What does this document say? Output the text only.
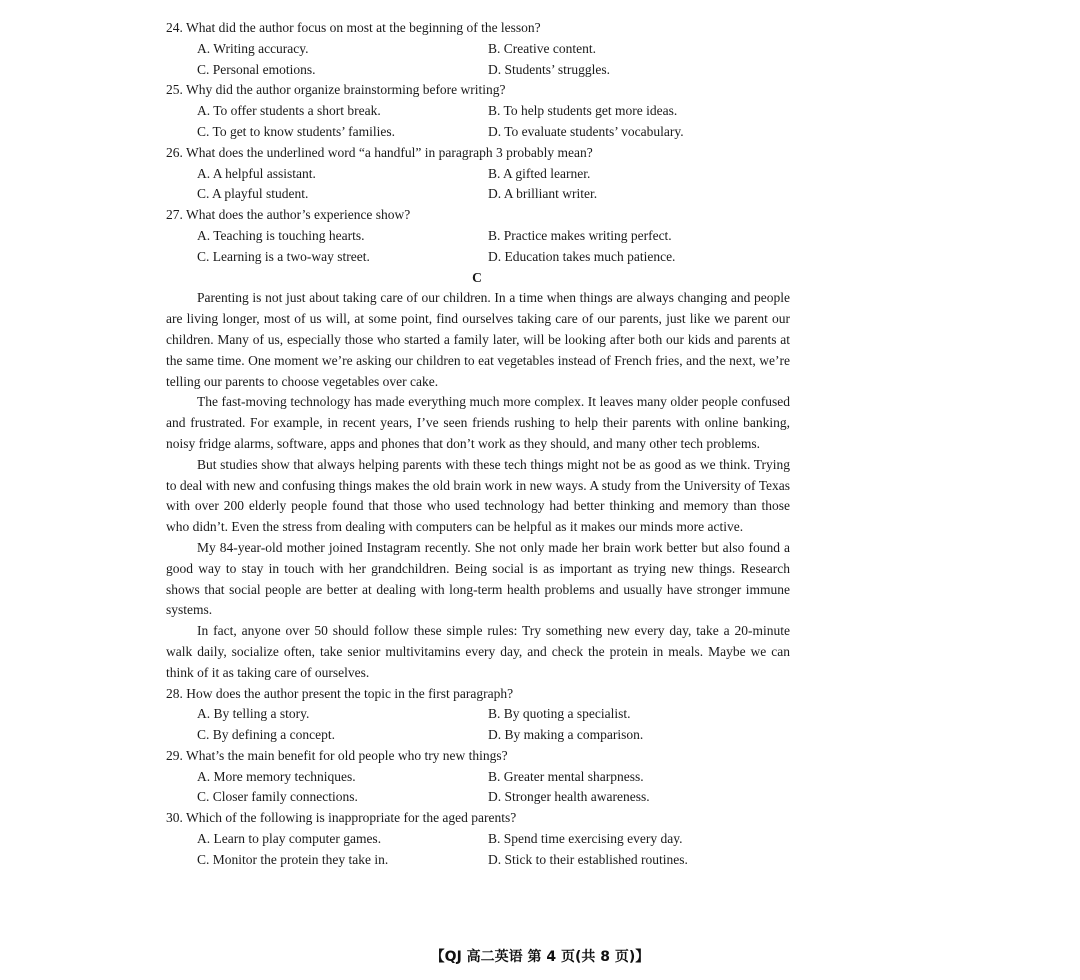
24. What did the author focus on most at the beginning of the lesson?

A. Writing accuracy.	B. Creative content.
C. Personal emotions.	D. Students’ struggles.

25. Why did the author organize brainstorming before writing?

A. To offer students a short break.	B. To help students get more ideas.
C. To get to know students’ families.	D. To evaluate students’ vocabulary.

26. What does the underlined word “a handful” in paragraph 3 probably mean?

A. A helpful assistant.	B. A gifted learner.
C. A playful student.	D. A brilliant writer.

27. What does the author’s experience show?

A. Teaching is touching hearts.	B. Practice makes writing perfect.
C. Learning is a two-way street.	D. Education takes much patience.

C

Parenting is not just about taking care of our children. In a time when things are always changing and people are living longer, most of us will, at some point, find ourselves taking care of our parents, just like we parent our children. Many of us, especially those who started a family later, will be looking after both our kids and parents at the same time. One moment we’re asking our children to eat vegetables instead of French fries, and the next, we’re telling our parents to choose vegetables over cake.

The fast-moving technology has made everything much more complex. It leaves many older people confused and frustrated. For example, in recent years, I’ve seen friends rushing to help their parents with online banking, noisy fridge alarms, software, apps and phones that don’t work as they should, and many other tech problems.

But studies show that always helping parents with these tech things might not be as good as we think. Trying to deal with new and confusing things makes the old brain work in new ways. A study from the University of Texas with over 200 elderly people found that those who used technology had better thinking and memory than those who didn’t. Even the stress from dealing with computers can be helpful as it makes our minds more active.

My 84-year-old mother joined Instagram recently. She not only made her brain work better but also found a good way to stay in touch with her grandchildren. Being social is as important as trying new things. Research shows that social people are better at dealing with long-term health problems and usually have stronger immune systems.

In fact, anyone over 50 should follow these simple rules: Try something new every day, take a 20-minute walk daily, socialize often, take senior multivitamins every day, and check the protein in meals. Maybe we can think of it as taking care of ourselves.

28. How does the author present the topic in the first paragraph?

A. By telling a story.	B. By quoting a specialist.
C. By defining a concept.	D. By making a comparison.

29. What’s the main benefit for old people who try new things?

A. More memory techniques.	B. Greater mental sharpness.
C. Closer family connections.	D. Stronger health awareness.

30. Which of the following is inappropriate for the aged parents?

A. Learn to play computer games.	B. Spend time exercising every day.
C. Monitor the protein they take in.	D. Stick to their established routines.
【QJ 高二英语 第 4 页(共 8 页)】
